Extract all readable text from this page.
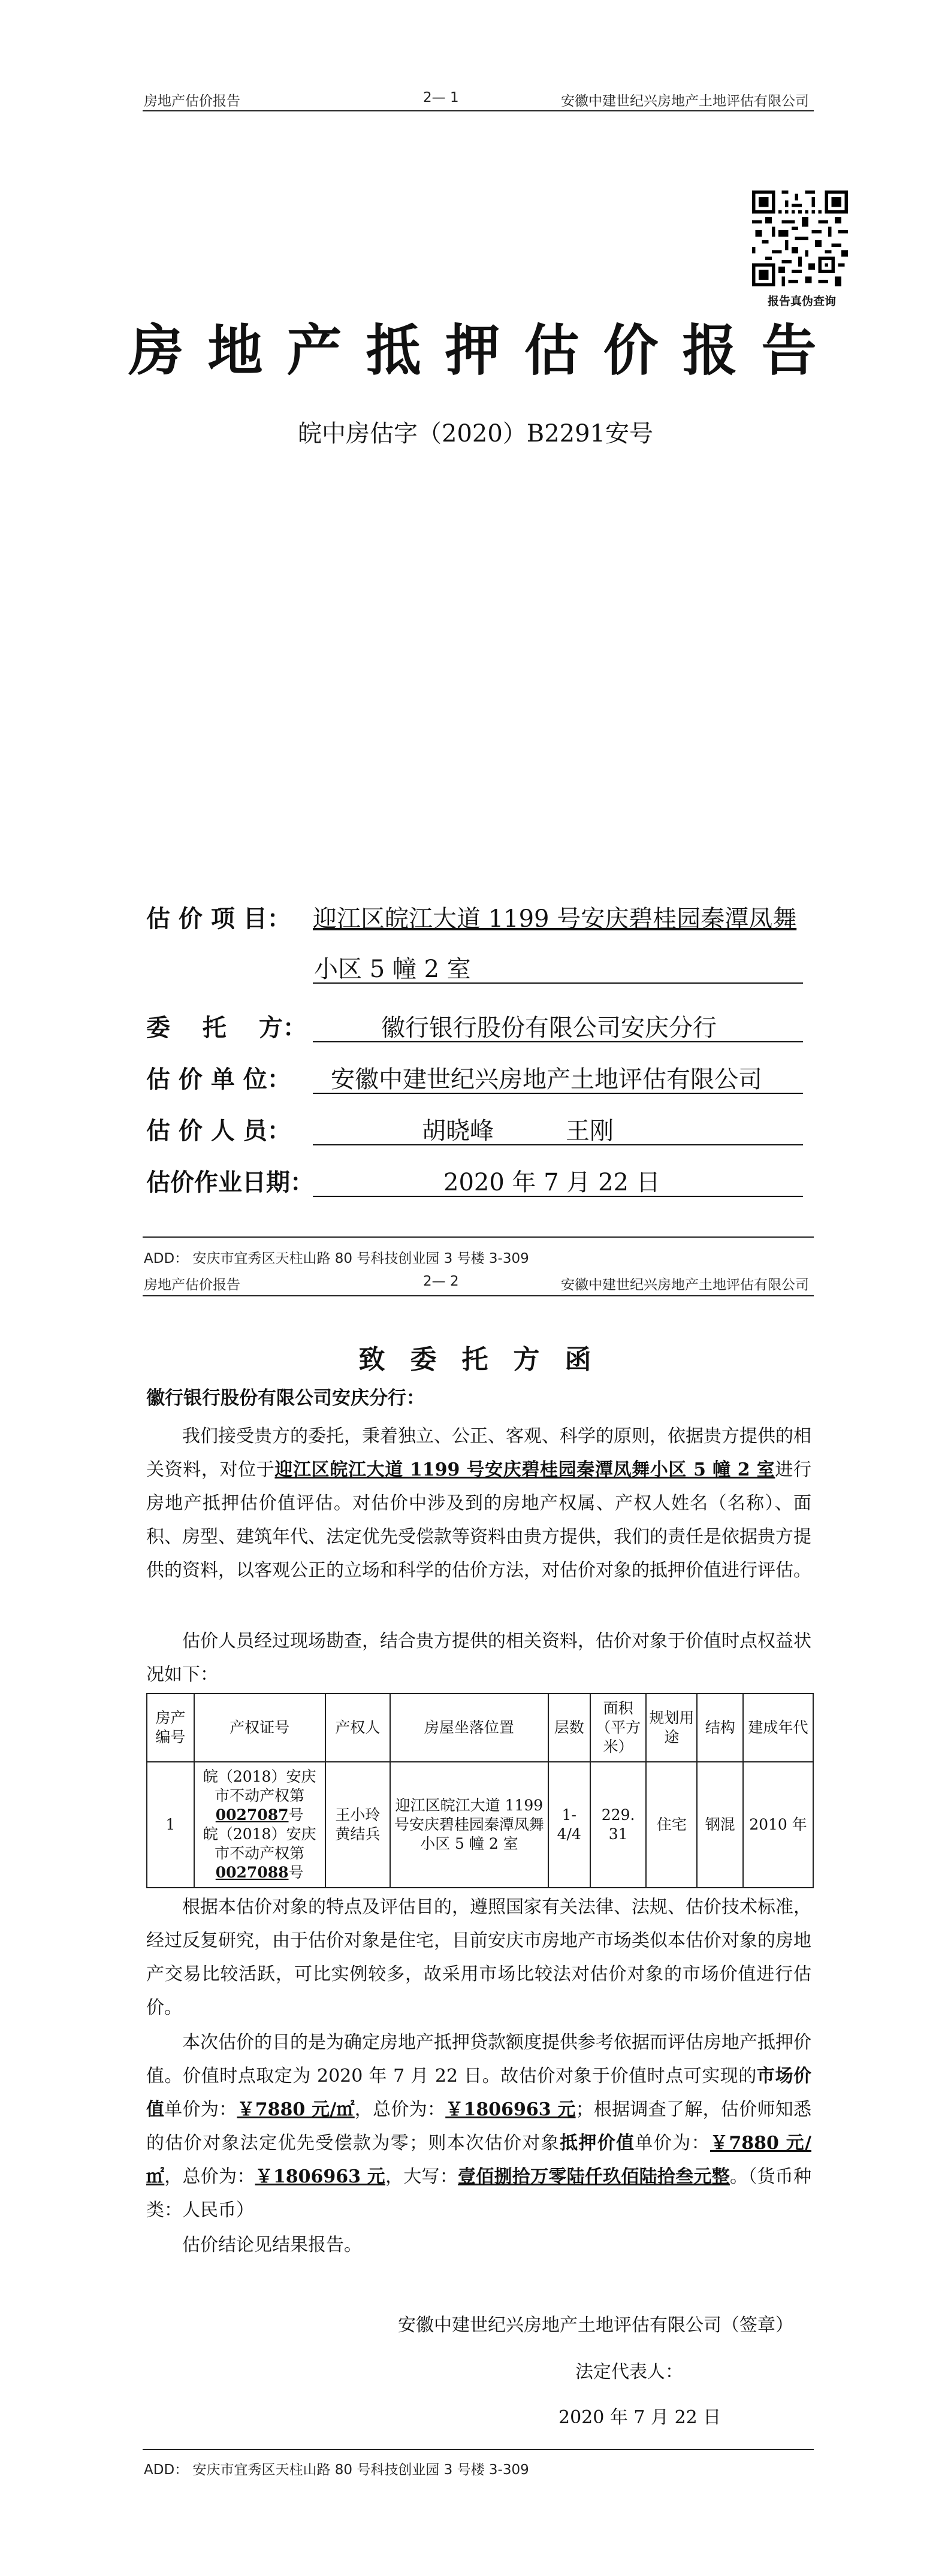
房地产估价报告	2— 1	安徽中建世纪兴房地产土地评估有限公司
报告真伪查询
房地产抵押估价报告
皖中房估字（2020）B2291安号
估 价 项 目： 迎江区皖江大道 1199 号安庆碧桂园秦潭凤舞
小区 5 幢 2 室
委　 托　 方：	徽行银行股份有限公司安庆分行
估 价 单 位： 安徽中建世纪兴房地产土地评估有限公司
估 价 人 员：	胡晓峰　　　王刚
估价作业日期：	2020 年 7 月 22 日
ADD： 安庆市宜秀区天柱山路 80 号科技创业园 3 号楼 3-309
房地产估价报告	2— 2	安徽中建世纪兴房地产土地评估有限公司
致委托方函
徽行银行股份有限公司安庆分行：

我们接受贵方的委托，秉着独立、公正、客观、科学的原则，依据贵方提供的相关资料，对位于迎江区皖江大道 1199 号安庆碧桂园秦潭凤舞小区 5 幢 2 室进行房地产抵押估价值评估。对估价中涉及到的房地产权属、产权人姓名（名称）、面积、房型、建筑年代、法定优先受偿款等资料由贵方提供，我们的责任是依据贵方提供的资料，以客观公正的立场和科学的估价方法，对估价对象的抵押价值进行评估。

估价人员经过现场勘查，结合贵方提供的相关资料，估价对象于价值时点权益状况如下：

房产编号	产权证号	产权人	房屋坐落位置	层数	面积（平方米）	规划用途	结构	建成年代
1	皖（2018）安庆市不动产权第0027087号
皖（2018）安庆市不动产权第0027088号	王小玲 黄结兵	迎江区皖江大道 1199 号安庆碧桂园秦潭凤舞小区 5 幢 2 室	1-4/4	229. 31	住宅	钢混	2010 年

根据本估价对象的特点及评估目的，遵照国家有关法律、法规、估价技术标准，经过反复研究，由于估价对象是住宅，目前安庆市房地产市场类似本估价对象的房地产交易比较活跃，可比实例较多，故采用市场比较法对估价对象的市场价值进行估价。

本次估价的目的是为确定房地产抵押贷款额度提供参考依据而评估房地产抵押价值。价值时点取定为 2020 年 7 月 22 日。故估价对象于价值时点可实现的市场价值单价为：￥7880 元/㎡，总价为：￥1806963 元；根据调查了解，估价师知悉的估价对象法定优先受偿款为零；则本次估价对象抵押价值单价为：￥7880 元/㎡，总价为：￥1806963 元，大写：壹佰捌拾万零陆仟玖佰陆拾叁元整。（货币种类：人民币）

估价结论见结果报告。

安徽中建世纪兴房地产土地评估有限公司（签章）
法定代表人：
2020 年 7 月 22 日
ADD： 安庆市宜秀区天柱山路 80 号科技创业园 3 号楼 3-309
